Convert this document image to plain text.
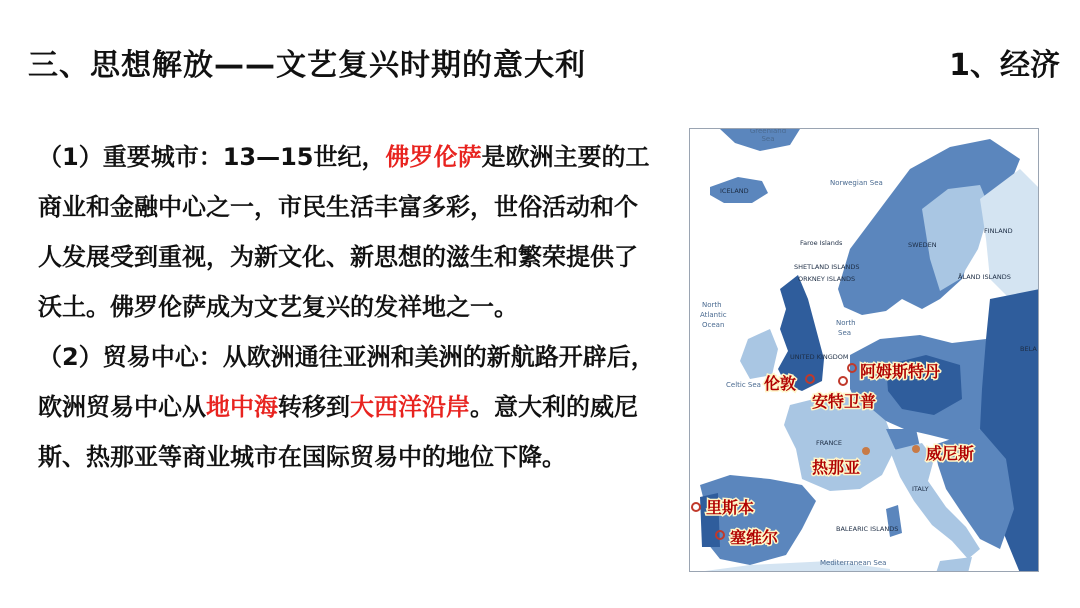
三、思想解放——文艺复兴时期的意大利	1、经济

（1）重要城市：13—15世纪，佛罗伦萨是欧洲主要的工商业和金融中心之一，市民生活丰富多彩，世俗活动和个人发展受到重视，为新文化、新思想的滋生和繁荣提供了沃土。佛罗伦萨成为文艺复兴的发祥地之一。

（2）贸易中心：从欧洲通往亚洲和美洲的新航路开辟后，欧洲贸易中心从地中海转移到大西洋沿岸。意大利的威尼斯、热那亚等商业城市在国际贸易中的地位下降。

Greenland
Sea
Norwegian Sea
North
Atlantic
Ocean	North
Sea
Celtic Sea
Mediterranean Sea
ICELAND
SWEDEN
FINLAND
UNITED KINGDOM
FRANCE
ITALY
Faroe Islands
SHETLAND ISLANDS
ORKNEY ISLANDS	ÅLAND ISLANDS
BALEARIC ISLANDS
BELA
伦敦
阿姆斯特丹
安特卫普
热那亚
威尼斯
里斯本
塞维尔
